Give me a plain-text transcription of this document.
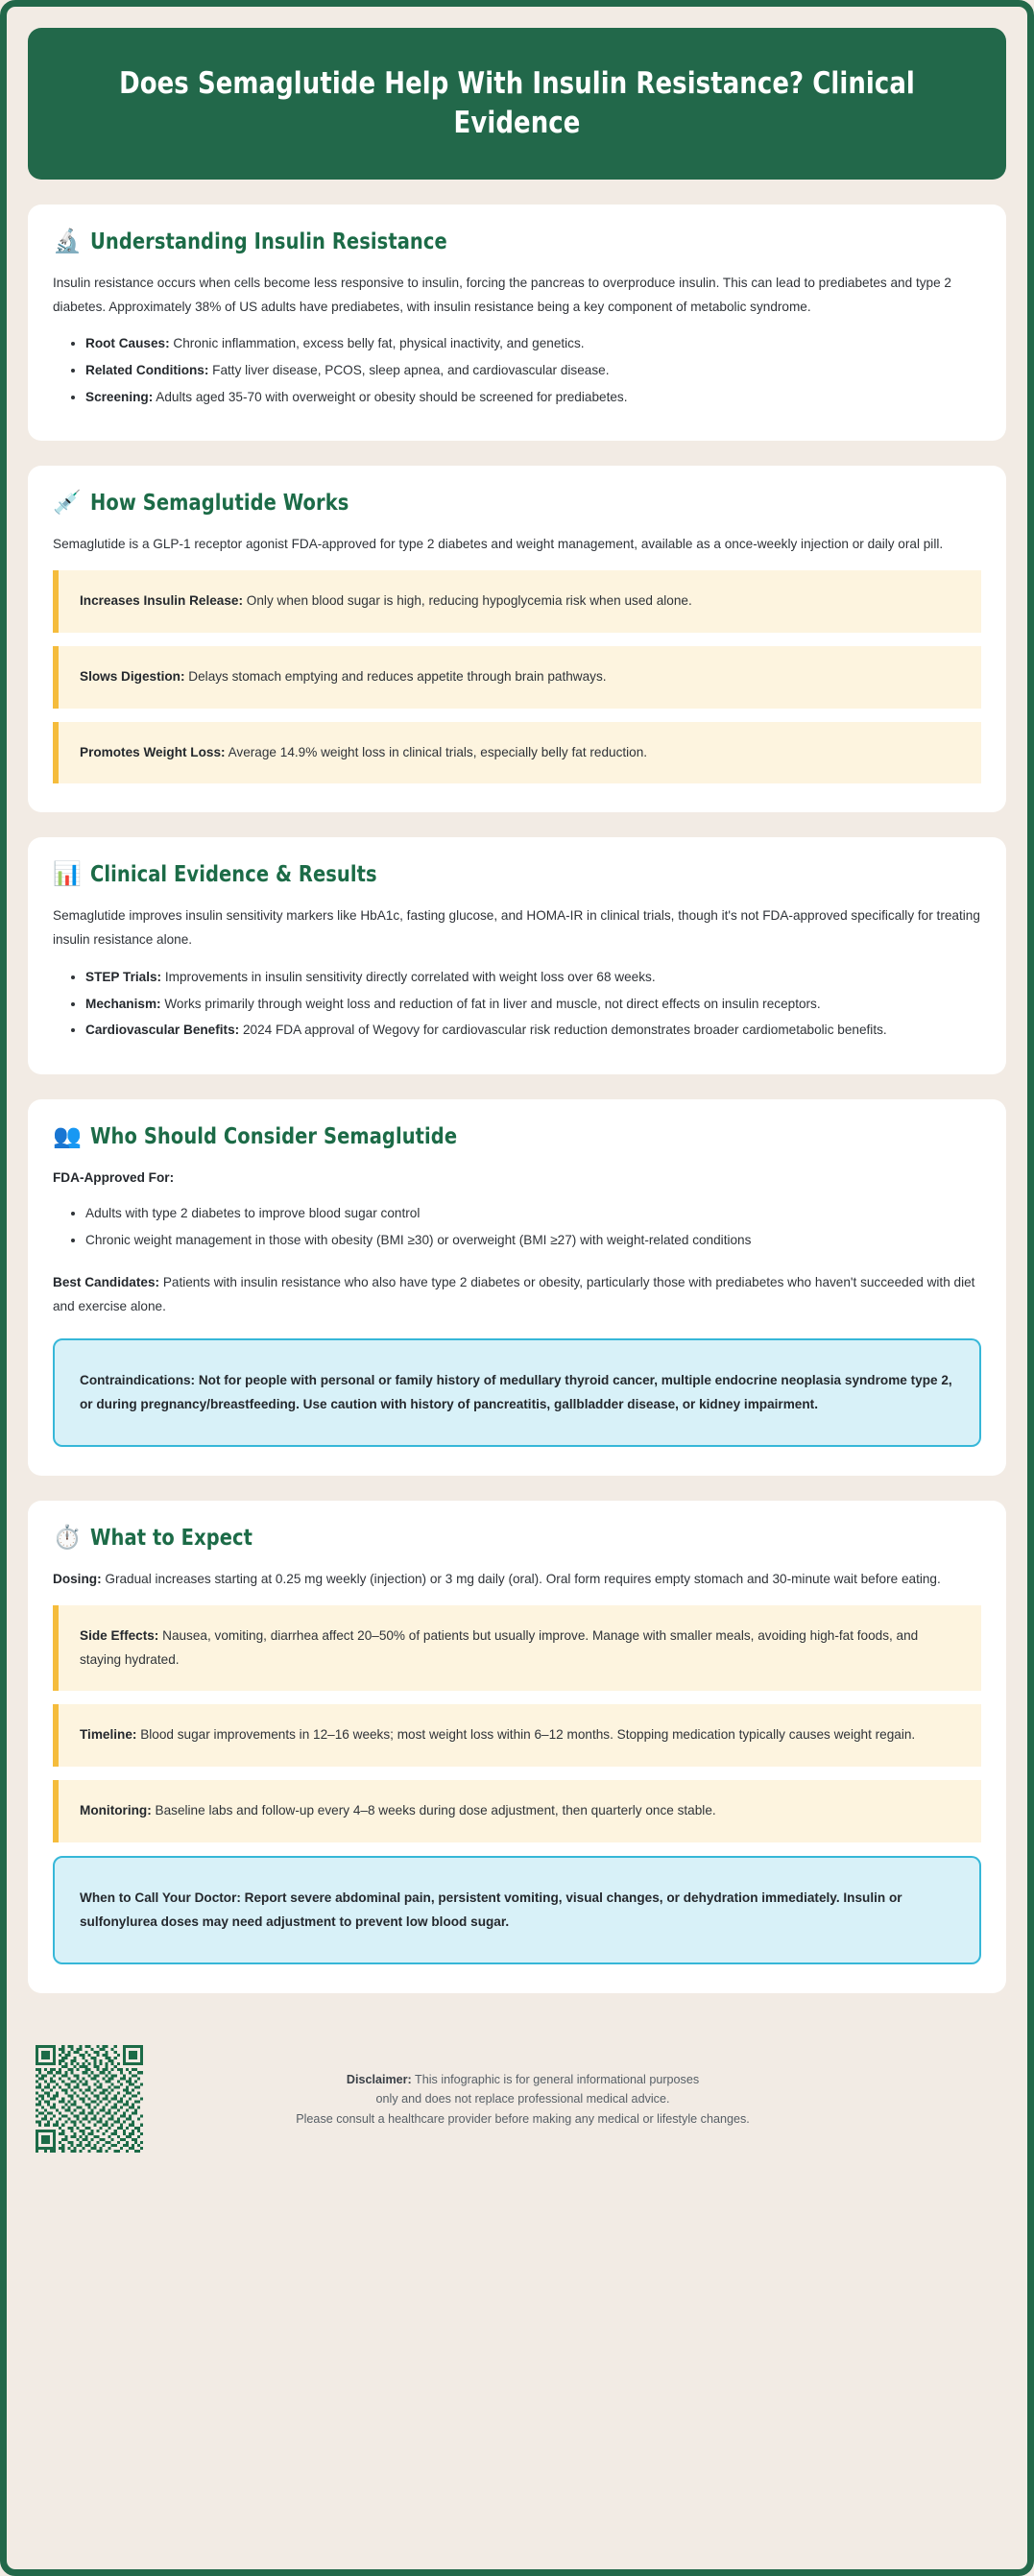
Does Semaglutide Help With Insulin Resistance? Clinical Evidence
🔬 Understanding Insulin Resistance

Insulin resistance occurs when cells become less responsive to insulin, forcing the pancreas to overproduce insulin. This can lead to prediabetes and type 2 diabetes. Approximately 38% of US adults have prediabetes, with insulin resistance being a key component of metabolic syndrome.

• Root Causes: Chronic inflammation, excess belly fat, physical inactivity, and genetics.
• Related Conditions: Fatty liver disease, PCOS, sleep apnea, and cardiovascular disease.
• Screening: Adults aged 35-70 with overweight or obesity should be screened for prediabetes.
💉 How Semaglutide Works

Semaglutide is a GLP-1 receptor agonist FDA-approved for type 2 diabetes and weight management, available as a once-weekly injection or daily oral pill.

Increases Insulin Release: Only when blood sugar is high, reducing hypoglycemia risk when used alone.
Slows Digestion: Delays stomach emptying and reduces appetite through brain pathways.
Promotes Weight Loss: Average 14.9% weight loss in clinical trials, especially belly fat reduction.
📊 Clinical Evidence & Results

Semaglutide improves insulin sensitivity markers like HbA1c, fasting glucose, and HOMA-IR in clinical trials, though it's not FDA-approved specifically for treating insulin resistance alone.

• STEP Trials: Improvements in insulin sensitivity directly correlated with weight loss over 68 weeks.
• Mechanism: Works primarily through weight loss and reduction of fat in liver and muscle, not direct effects on insulin receptors.
• Cardiovascular Benefits: 2024 FDA approval of Wegovy for cardiovascular risk reduction demonstrates broader cardiometabolic benefits.
👥 Who Should Consider Semaglutide

FDA-Approved For:

• Adults with type 2 diabetes to improve blood sugar control
• Chronic weight management in those with obesity (BMI ≥30) or overweight (BMI ≥27) with weight-related conditions

Best Candidates: Patients with insulin resistance who also have type 2 diabetes or obesity, particularly those with prediabetes who haven't succeeded with diet and exercise alone.

Contraindications: Not for people with personal or family history of medullary thyroid cancer, multiple endocrine neoplasia syndrome type 2, or during pregnancy/breastfeeding. Use caution with history of pancreatitis, gallbladder disease, or kidney impairment.
⏱️ What to Expect

Dosing: Gradual increases starting at 0.25 mg weekly (injection) or 3 mg daily (oral). Oral form requires empty stomach and 30-minute wait before eating.

Side Effects: Nausea, vomiting, diarrhea affect 20–50% of patients but usually improve. Manage with smaller meals, avoiding high-fat foods, and staying hydrated.
Timeline: Blood sugar improvements in 12–16 weeks; most weight loss within 6–12 months. Stopping medication typically causes weight regain.
Monitoring: Baseline labs and follow-up every 4–8 weeks during dose adjustment, then quarterly once stable.
When to Call Your Doctor: Report severe abdominal pain, persistent vomiting, visual changes, or dehydration immediately. Insulin or sulfonylurea doses may need adjustment to prevent low blood sugar.
Disclaimer: This infographic is for general informational purposes
only and does not replace professional medical advice.
Please consult a healthcare provider before making any medical or lifestyle changes.
